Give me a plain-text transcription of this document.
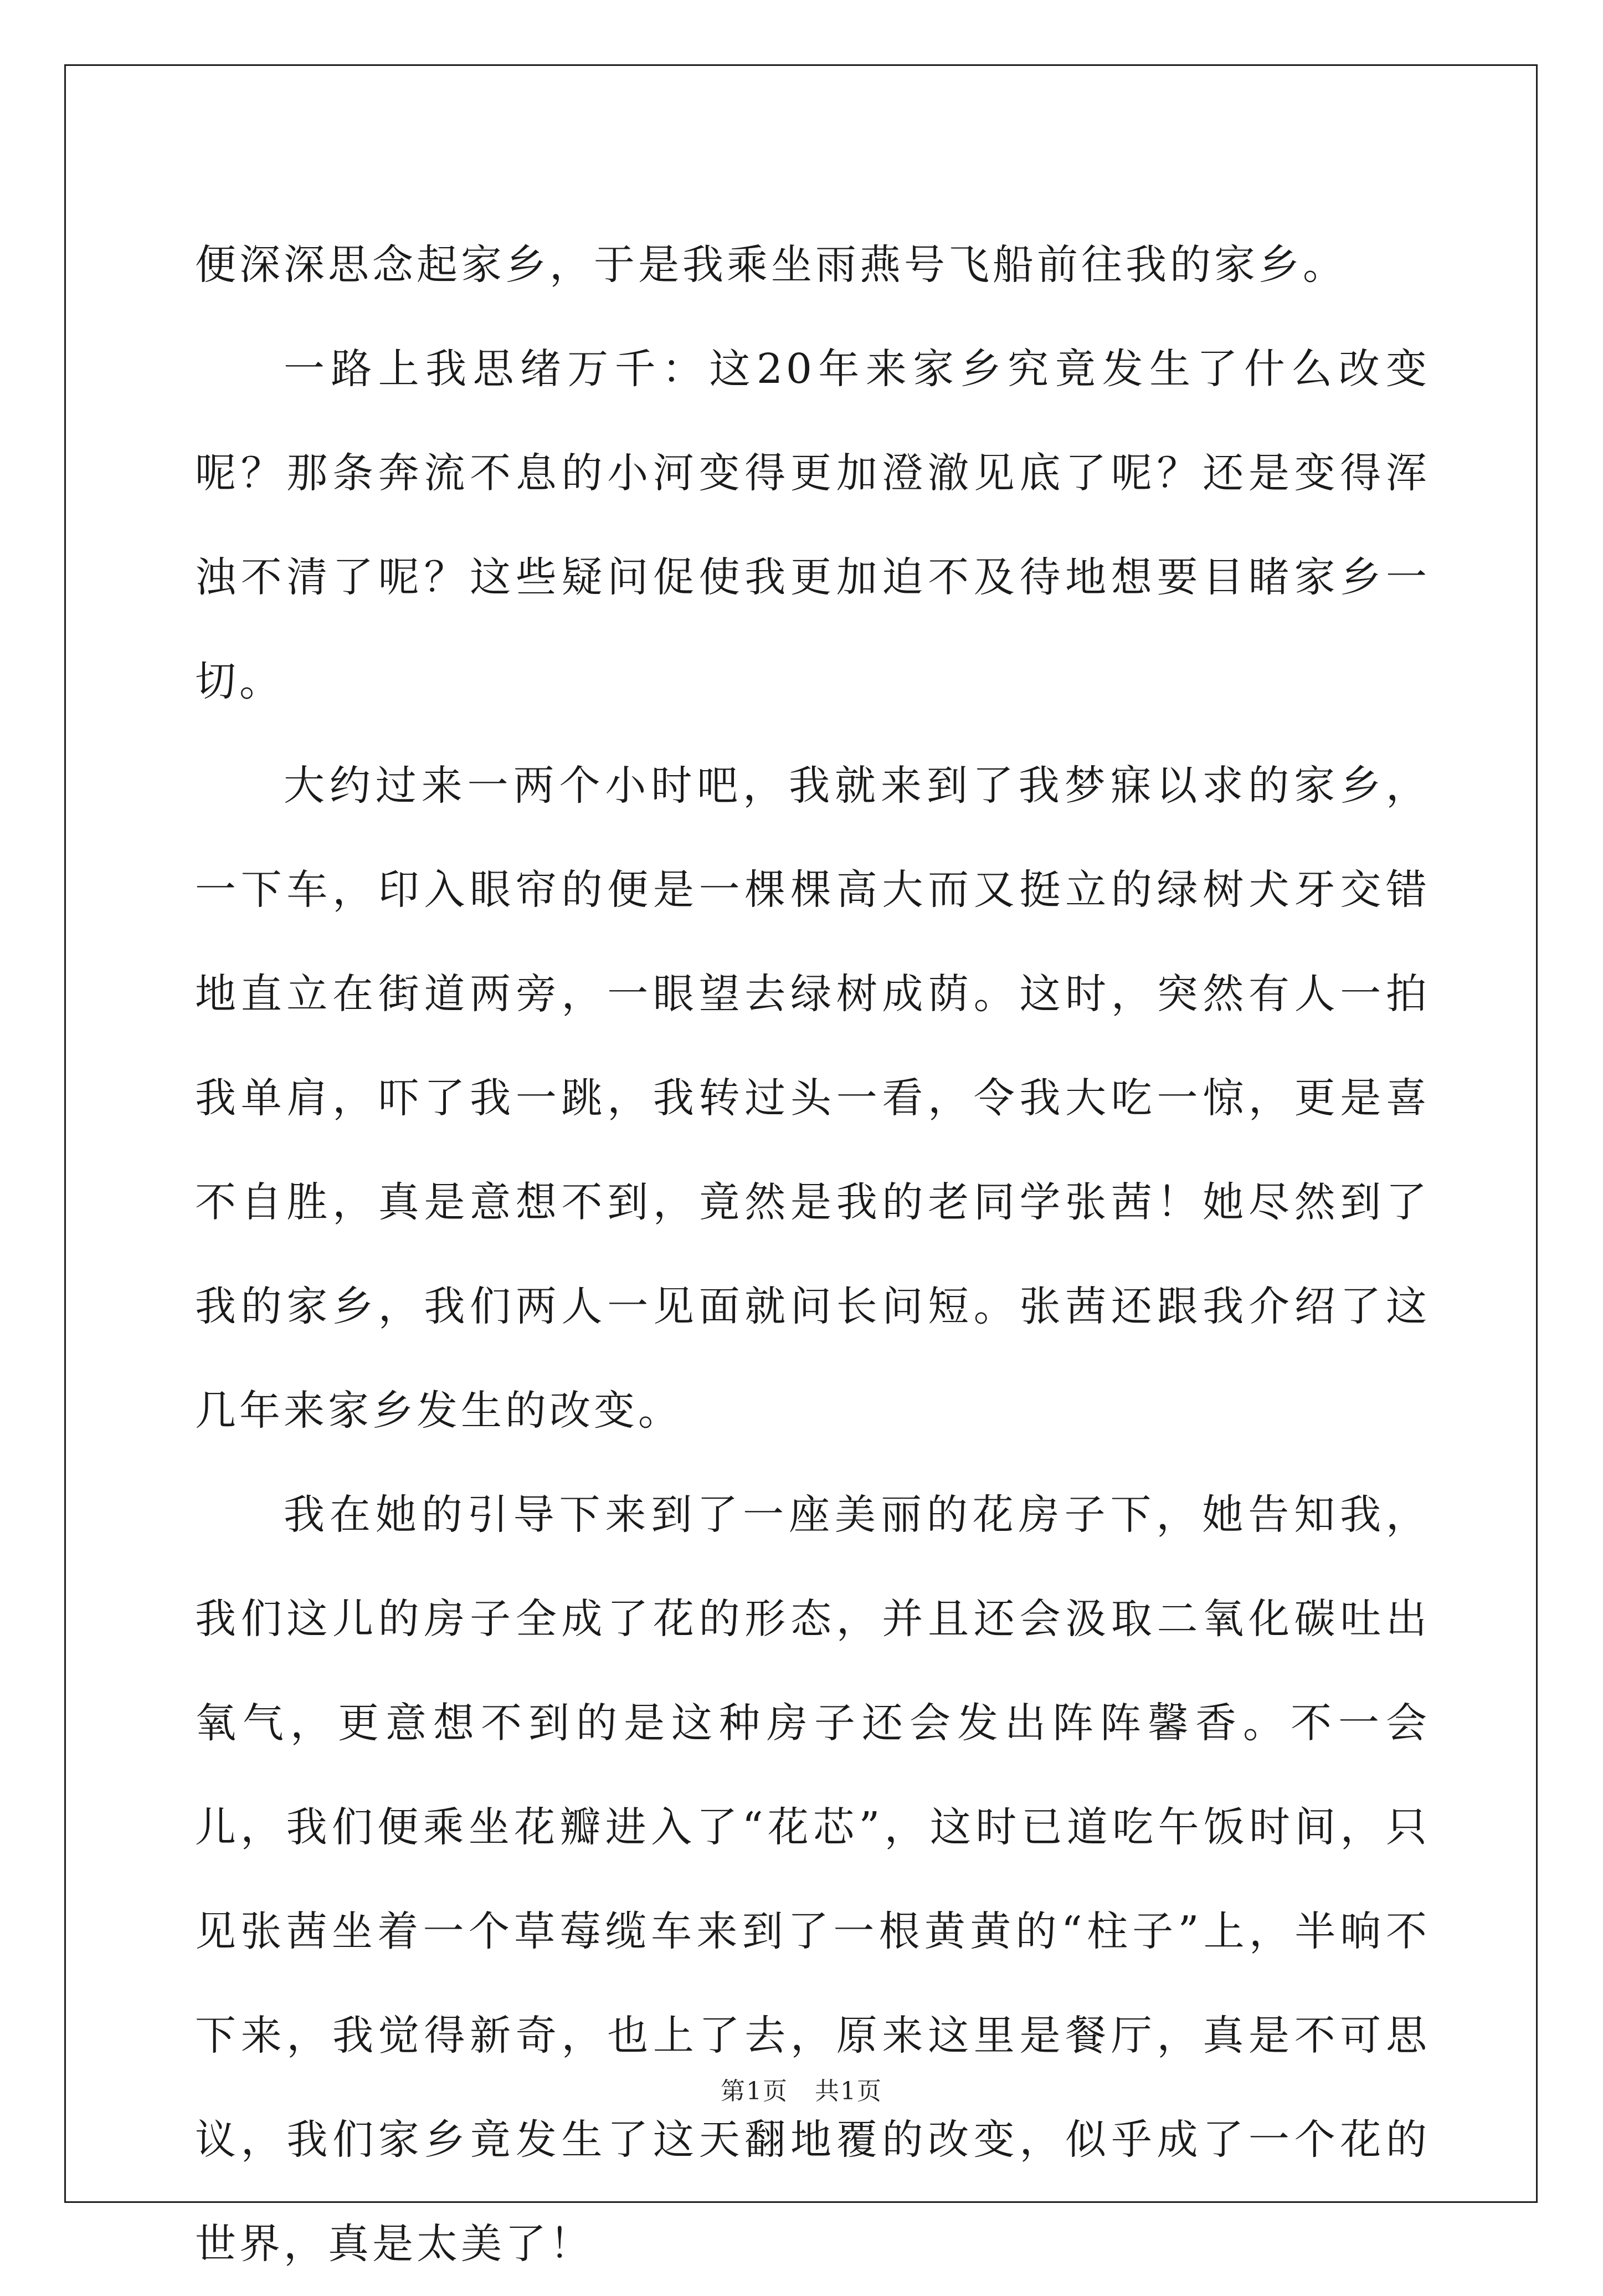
便深深思念起家乡，于是我乘坐雨燕号飞船前往我的家乡。

一路上我思绪万千：这20年来家乡究竟发生了什么改变呢？那条奔流不息的小河变得更加澄澈见底了呢？还是变得浑浊不清了呢？这些疑问促使我更加迫不及待地想要目睹家乡一切。

大约过来一两个小时吧，我就来到了我梦寐以求的家乡，一下车，印入眼帘的便是一棵棵高大而又挺立的绿树犬牙交错地直立在街道两旁，一眼望去绿树成荫。这时，突然有人一拍我单肩，吓了我一跳，我转过头一看，令我大吃一惊，更是喜不自胜，真是意想不到，竟然是我的老同学张茜！她尽然到了我的家乡，我们两人一见面就问长问短。张茜还跟我介绍了这几年来家乡发生的改变。

我在她的引导下来到了一座美丽的花房子下，她告知我，我们这儿的房子全成了花的形态，并且还会汲取二氧化碳吐出氧气，更意想不到的是这种房子还会发出阵阵馨香。不一会儿，我们便乘坐花瓣进入了“花芯”，这时已道吃午饭时间，只见张茜坐着一个草莓缆车来到了一根黄黄的“柱子”上，半晌不下来，我觉得新奇，也上了去，原来这里是餐厅，真是不可思议，我们家乡竟发生了这天翻地覆的改变，似乎成了一个花的世界，真是太美了！

第1页 共1页
